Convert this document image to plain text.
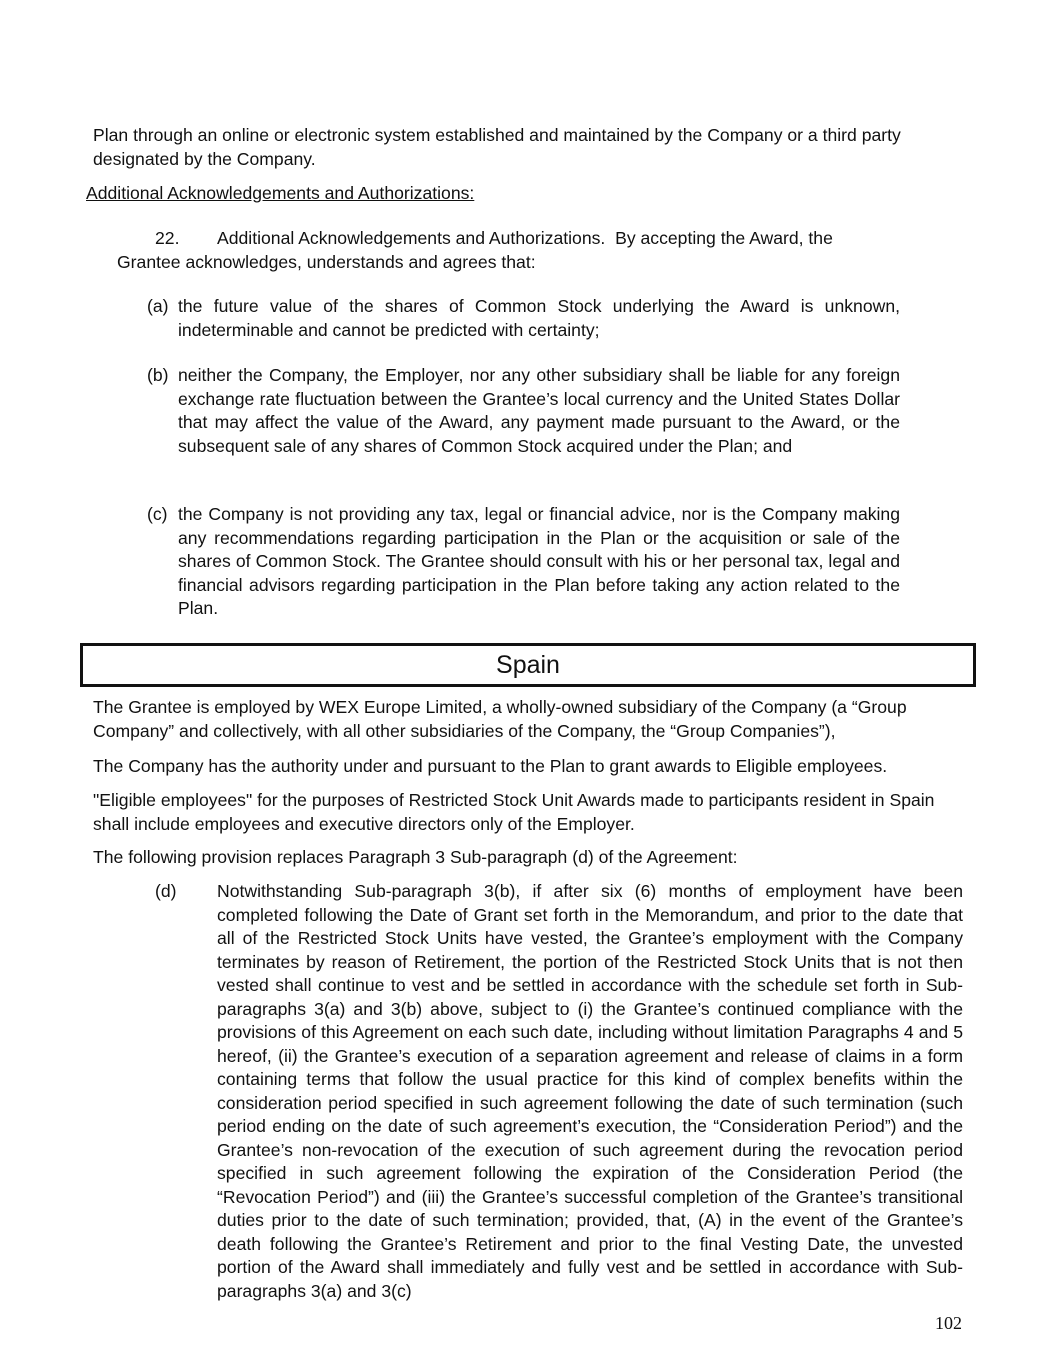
Plan through an online or electronic system established and maintained by the Company or a third party designated by the Company.

Additional Acknowledgements and Authorizations:

22. Additional Acknowledgements and Authorizations. By accepting the Award, the Grantee acknowledges, understands and agrees that:

(a) the future value of the shares of Common Stock underlying the Award is unknown, indeterminable and cannot be predicted with certainty;
(b) neither the Company, the Employer, nor any other subsidiary shall be liable for any foreign exchange rate fluctuation between the Grantee’s local currency and the United States Dollar that may affect the value of the Award, any payment made pursuant to the Award, or the subsequent sale of any shares of Common Stock acquired under the Plan; and
(c) the Company is not providing any tax, legal or financial advice, nor is the Company making any recommendations regarding participation in the Plan or the acquisition or sale of the shares of Common Stock. The Grantee should consult with his or her personal tax, legal and financial advisors regarding participation in the Plan before taking any action related to the Plan.
Spain

The Grantee is employed by WEX Europe Limited, a wholly-owned subsidiary of the Company (a “Group Company” and collectively, with all other subsidiaries of the Company, the “Group Companies”),

The Company has the authority under and pursuant to the Plan to grant awards to Eligible employees.

"Eligible employees" for the purposes of Restricted Stock Unit Awards made to participants resident in Spain shall include employees and executive directors only of the Employer.

The following provision replaces Paragraph 3 Sub-paragraph (d) of the Agreement:

(d) Notwithstanding Sub-paragraph 3(b), if after six (6) months of employment have been completed following the Date of Grant set forth in the Memorandum, and prior to the date that all of the Restricted Stock Units have vested, the Grantee’s employment with the Company terminates by reason of Retirement, the portion of the Restricted Stock Units that is not then vested shall continue to vest and be settled in accordance with the schedule set forth in Sub-paragraphs 3(a) and 3(b) above, subject to (i) the Grantee’s continued compliance with the provisions of this Agreement on each such date, including without limitation Paragraphs 4 and 5 hereof, (ii) the Grantee’s execution of a separation agreement and release of claims in a form containing terms that follow the usual practice for this kind of complex benefits within the consideration period specified in such agreement following the date of such termination (such period ending on the date of such agreement’s execution, the “Consideration Period”) and the Grantee’s non-revocation of the execution of such agreement during the revocation period specified in such agreement following the expiration of the Consideration Period (the “Revocation Period”) and (iii) the Grantee’s successful completion of the Grantee’s transitional duties prior to the date of such termination; provided, that, (A) in the event of the Grantee’s death following the Grantee’s Retirement and prior to the final Vesting Date, the unvested portion of the Award shall immediately and fully vest and be settled in accordance with Sub-paragraphs 3(a) and 3(c)

102
